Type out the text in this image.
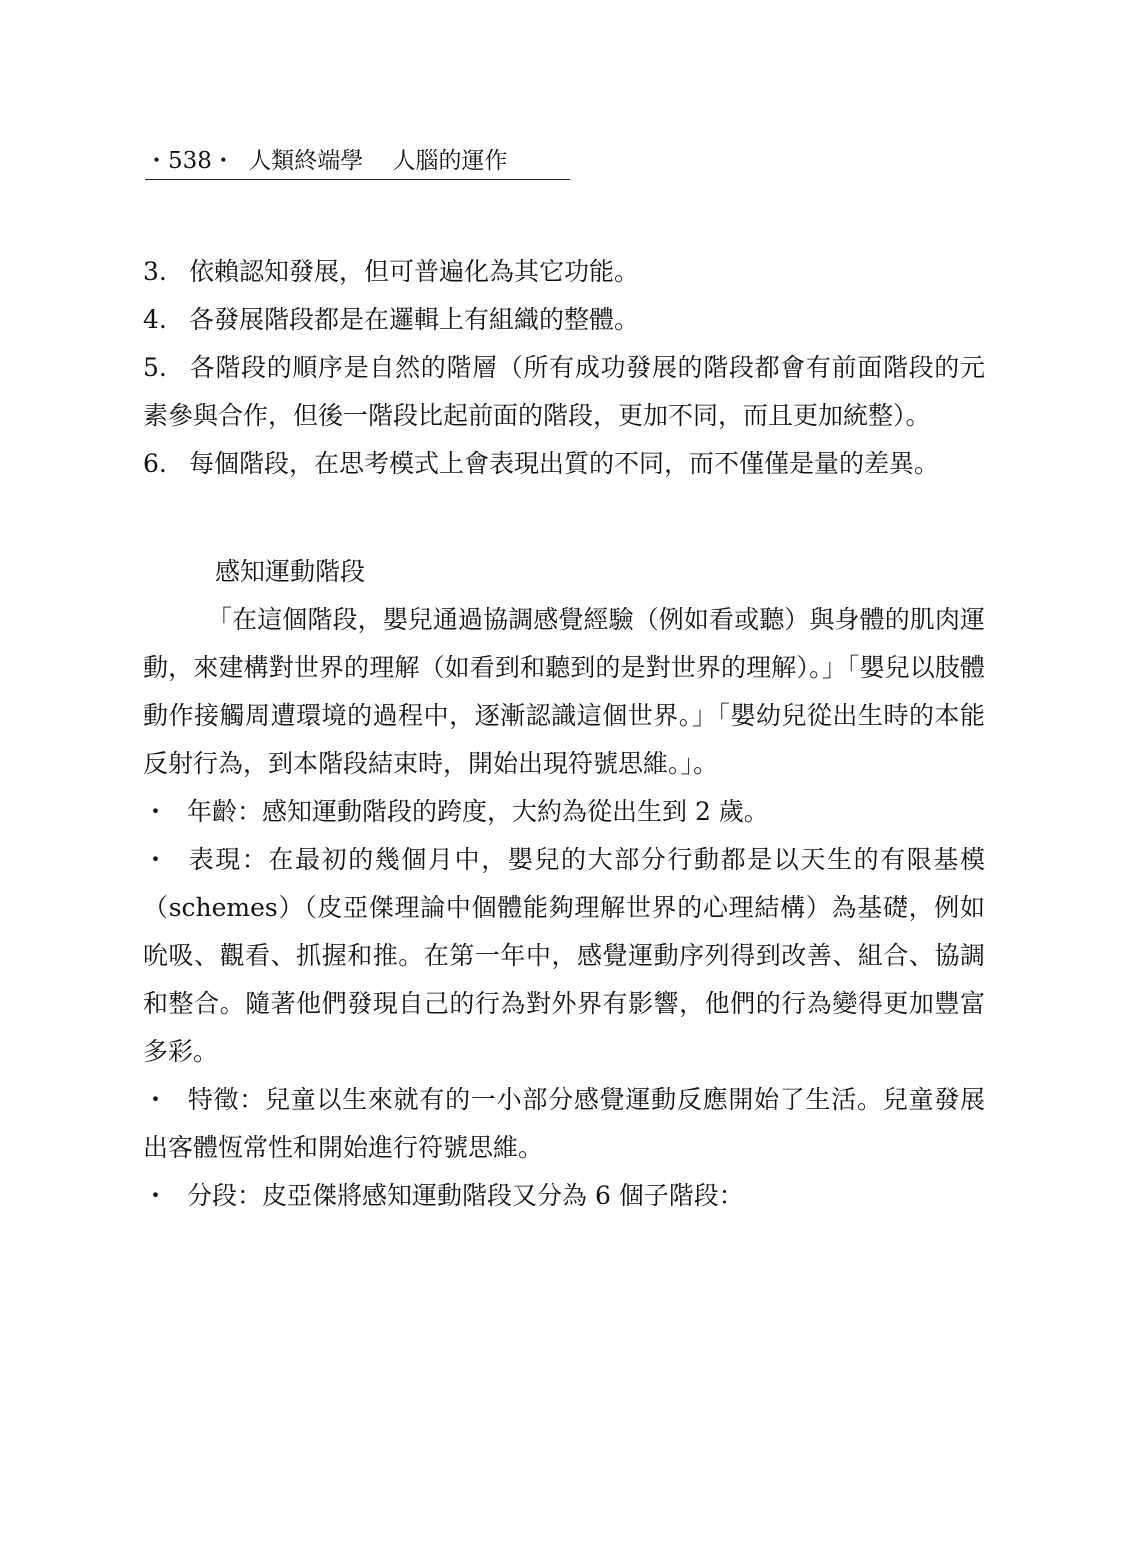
・538・ 人類終端學 人腦的運作

3. 依賴認知發展，但可普遍化為其它功能。

4. 各發展階段都是在邏輯上有組織的整體。

5. 各階段的順序是自然的階層（所有成功發展的階段都會有前面階段的元素參與合作，但後一階段比起前面的階段，更加不同，而且更加統整）。

6. 每個階段，在思考模式上會表現出質的不同，而不僅僅是量的差異。

感知運動階段

「在這個階段，嬰兒通過協調感覺經驗（例如看或聽）與身體的肌肉運動，來建構對世界的理解（如看到和聽到的是對世界的理解）。」「嬰兒以肢體動作接觸周遭環境的過程中，逐漸認識這個世界。」「嬰幼兒從出生時的本能反射行為，到本階段結束時，開始出現符號思維。」。

・ 年齡：感知運動階段的跨度，大約為從出生到 2 歲。

・ 表現：在最初的幾個月中，嬰兒的大部分行動都是以天生的有限基模（schemes）（皮亞傑理論中個體能夠理解世界的心理結構）為基礎，例如吮吸、觀看、抓握和推。在第一年中，感覺運動序列得到改善、組合、協調和整合。隨著他們發現自己的行為對外界有影響，他們的行為變得更加豐富多彩。

・ 特徵：兒童以生來就有的一小部分感覺運動反應開始了生活。兒童發展出客體恆常性和開始進行符號思維。

・ 分段：皮亞傑將感知運動階段又分為 6 個子階段：
